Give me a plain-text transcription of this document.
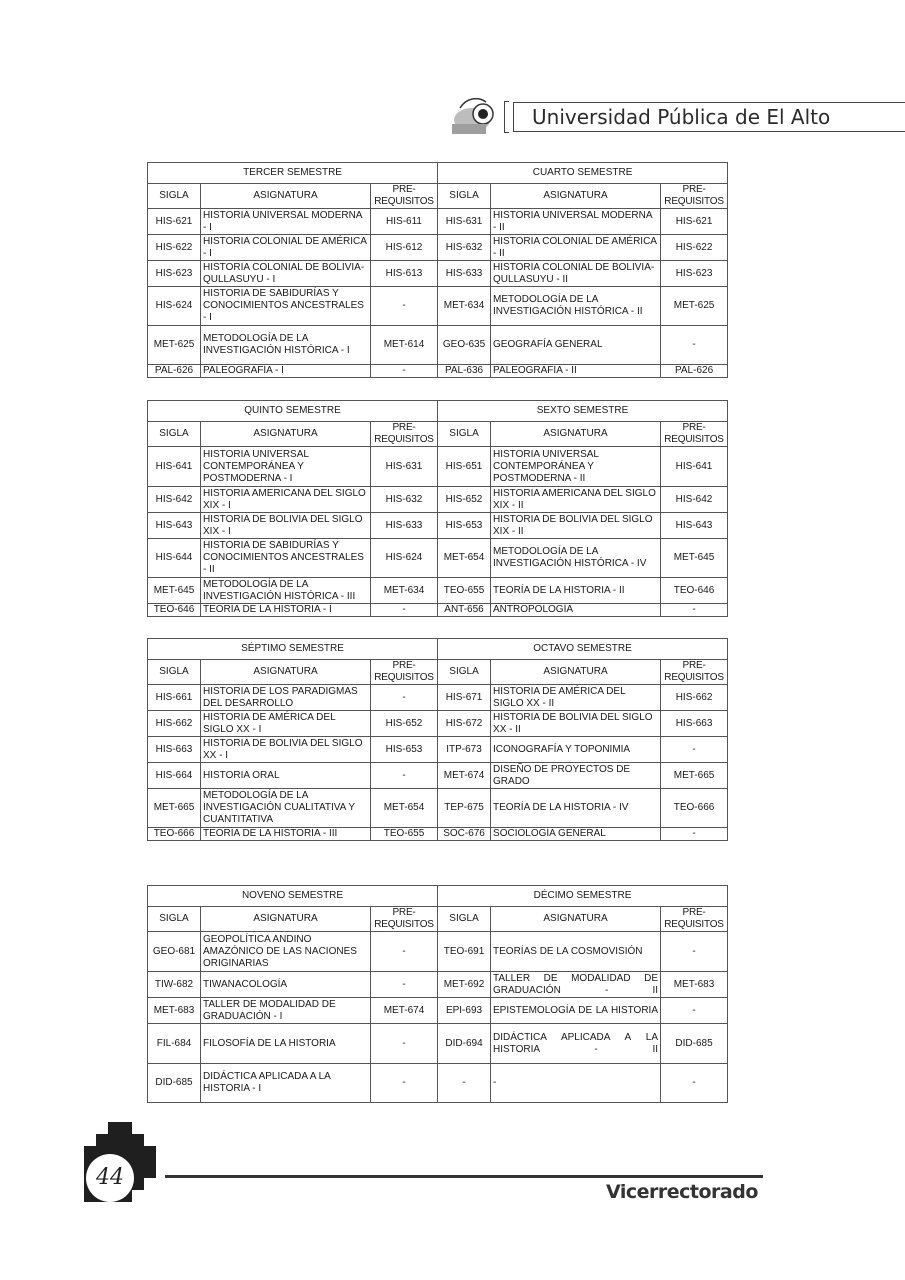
Universidad Pública de El Alto
TERCER SEMESTRE			CUARTO SEMESTRE		
SIGLA	ASIGNATURA	PRE-REQUISITOS	SIGLA	ASIGNATURA	PRE-REQUISITOS
HIS-621	HISTORIA UNIVERSAL MODERNA - I	HIS-611	HIS-631	HISTORIA UNIVERSAL MODERNA - II	HIS-621
HIS-622	HISTORIA COLONIAL DE AMÉRICA - I	HIS-612	HIS-632	HISTORIA COLONIAL DE AMÉRICA - II	HIS-622
HIS-623	HISTORIA COLONIAL DE BOLIVIA-QULLASUYU - I	HIS-613	HIS-633	HISTORIA COLONIAL DE BOLIVIA-QULLASUYU - II	HIS-623
HIS-624	HISTORIA DE SABIDURÍAS Y CONOCIMIENTOS ANCESTRALES - I	-	MET-634	METODOLOGÍA DE LA INVESTIGACIÓN HISTÓRICA - II	MET-625
MET-625	METODOLOGÍA DE LA INVESTIGACIÓN HISTÓRICA - I	MET-614	GEO-635	GEOGRAFÍA GENERAL	-
PAL-626	PALEOGRAFÍA - I	-	PAL-636	PALEOGRAFÍA - II	PAL-626
QUINTO SEMESTRE			SEXTO SEMESTRE		
SIGLA	ASIGNATURA	PRE-REQUISITOS	SIGLA	ASIGNATURA	PRE-REQUISITOS
HIS-641	HISTORIA UNIVERSAL CONTEMPORÁNEA Y POSTMODERNA - I	HIS-631	HIS-651	HISTORIA UNIVERSAL CONTEMPORÁNEA Y POSTMODERNA - II	HIS-641
HIS-642	HISTORIA AMERICANA DEL SIGLO XIX - I	HIS-632	HIS-652	HISTORIA AMERICANA DEL SIGLO XIX - II	HIS-642
HIS-643	HISTORIA DE BOLIVIA DEL SIGLO XIX - I	HIS-633	HIS-653	HISTORIA DE BOLIVIA DEL SIGLO XIX - II	HIS-643
HIS-644	HISTORIA DE SABIDURÍAS Y CONOCIMIENTOS ANCESTRALES - II	HIS-624	MET-654	METODOLOGÍA DE LA INVESTIGACIÓN HISTÓRICA - IV	MET-645
MET-645	METODOLOGÍA DE LA INVESTIGACIÓN HISTÓRICA - III	MET-634	TEO-655	TEORÍA DE LA HISTORIA - II	TEO-646
TEO-646	TEORÍA DE LA HISTORIA - I	-	ANT-656	ANTROPOLOGÍA	-
SÉPTIMO SEMESTRE			OCTAVO SEMESTRE		
SIGLA	ASIGNATURA	PRE-REQUISITOS	SIGLA	ASIGNATURA	PRE-REQUISITOS
HIS-661	HISTORIA DE LOS PARADIGMAS DEL DESARROLLO	-	HIS-671	HISTORIA DE AMÉRICA DEL SIGLO XX - II	HIS-662
HIS-662	HISTORIA DE AMÉRICA DEL SIGLO XX - I	HIS-652	HIS-672	HISTORIA DE BOLIVIA DEL SIGLO XX - II	HIS-663
HIS-663	HISTORIA DE BOLIVIA DEL SIGLO XX - I	HIS-653	ITP-673	ICONOGRAFÍA Y TOPONIMIA	-
HIS-664	HISTORIA ORAL	-	MET-674	DISEÑO DE PROYECTOS DE GRADO	MET-665
MET-665	METODOLOGÍA DE LA INVESTIGACIÓN CUALITATIVA Y CUANTITATIVA	MET-654	TEP-675	TEORÍA DE LA HISTORIA - IV	TEO-666
TEO-666	TEORÍA DE LA HISTORIA - III	TEO-655	SOC-676	SOCIOLOGÍA GENERAL	-
NOVENO SEMESTRE			DÉCIMO SEMESTRE		
SIGLA	ASIGNATURA	PRE-REQUISITOS	SIGLA	ASIGNATURA	PRE-REQUISITOS
GEO-681	GEOPOLÍTICA ANDINO AMAZÓNICO DE LAS NACIONES ORIGINARIAS	-	TEO-691	TEORÍAS DE LA COSMOVISIÓN	-
TIW-682	TIWANACOLOGÍA	-	MET-692	TALLER DE MODALIDAD DE GRADUACIÓN - II	MET-683
MET-683	TALLER DE MODALIDAD DE GRADUACIÓN - I	MET-674	EPI-693	EPISTEMOLOGÍA DE LA HISTORIA	-
FIL-684	FILOSOFÍA DE LA HISTORIA	-	DID-694	DIDÁCTICA APLICADA A LA HISTORIA - II	DID-685
DID-685	DIDÁCTICA APLICADA A LA HISTORIA - I	-	-	-	-
44
Vicerrectorado
